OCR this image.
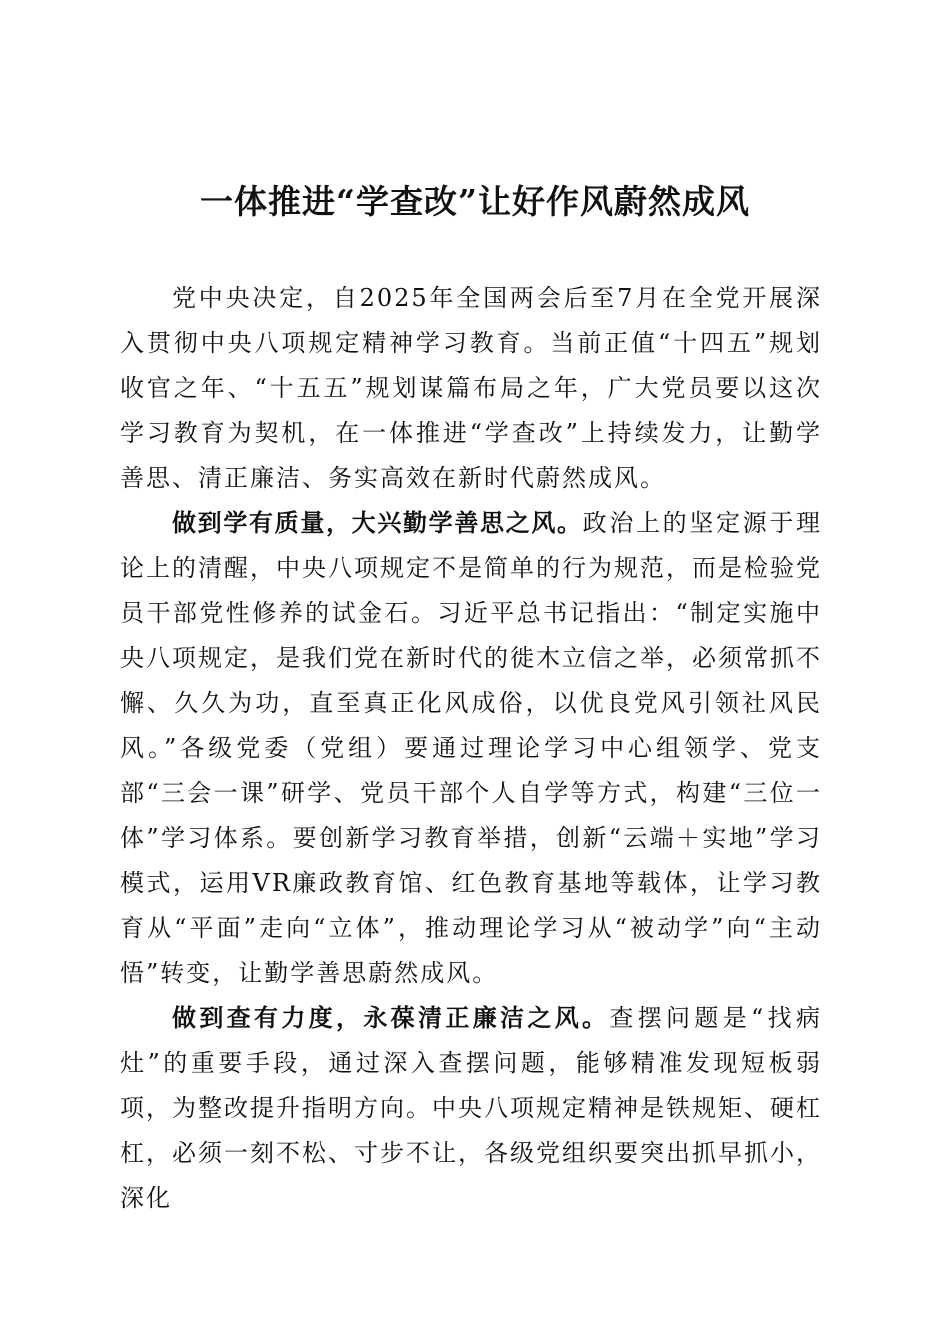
一体推进“学查改”让好作风蔚然成风

党中央决定，自2025年全国两会后至7月在全党开展深入贯彻中央八项规定精神学习教育。当前正值“十四五”规划收官之年、“十五五”规划谋篇布局之年，广大党员要以这次学习教育为契机，在一体推进“学查改”上持续发力，让勤学善思、清正廉洁、务实高效在新时代蔚然成风。

做到学有质量，大兴勤学善思之风。政治上的坚定源于理论上的清醒，中央八项规定不是简单的行为规范，而是检验党员干部党性修养的试金石。习近平总书记指出：“制定实施中央八项规定，是我们党在新时代的徙木立信之举，必须常抓不懈、久久为功，直至真正化风成俗，以优良党风引领社风民风。”各级党委（党组）要通过理论学习中心组领学、党支部“三会一课”研学、党员干部个人自学等方式，构建“三位一体”学习体系。要创新学习教育举措，创新“云端＋实地”学习模式，运用VR廉政教育馆、红色教育基地等载体，让学习教育从“平面”走向“立体”，推动理论学习从“被动学”向“主动悟”转变，让勤学善思蔚然成风。

做到查有力度，永葆清正廉洁之风。查摆问题是“找病灶”的重要手段，通过深入查摆问题，能够精准发现短板弱项，为整改提升指明方向。中央八项规定精神是铁规矩、硬杠杠，必须一刻不松、寸步不让，各级党组织要突出抓早抓小，深化
